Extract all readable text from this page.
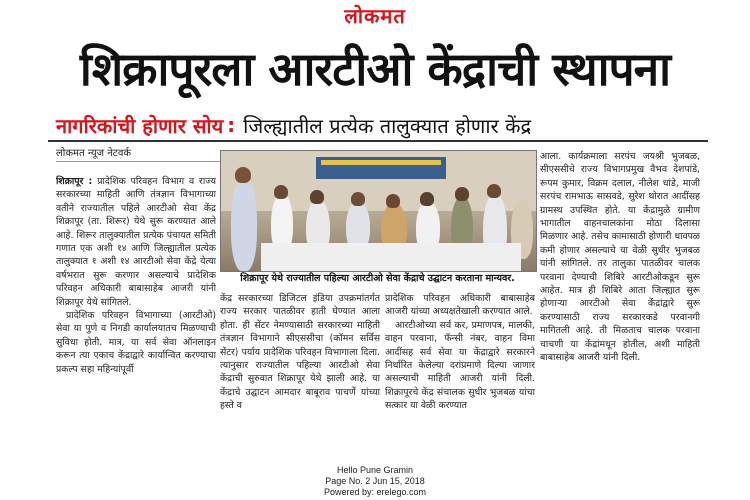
लोकमत
शिक्रापूरला आरटीओ केंद्राची स्थापना
नागरिकांची होणार सोय : जिल्ह्यातील प्रत्येक तालुक्यात होणार केंद्र
लोकमत न्यूज नेटवर्क

शिक्रापूर : प्रादेशिक परिवहन विभाग व राज्य सरकारच्या माहिती आणि तंत्रज्ञान विभागाच्या वतीने राज्यातील पहिले आरटीओ सेवा केंद्र शिक्रापूर (ता. शिरूर) येथे सुरू करण्यात आले आहे. शिरूर तालुक्यातील प्रत्येक पंचायत समिती गणात एक अशी १४ आणि जिल्ह्यातील प्रत्येक तालुक्यात १ अशी १४ आरटीओ सेवा केंद्रे येत्या वर्षभरात सुरू करणार असल्याचे प्रादेशिक परिवहन अधिकारी बाबासाहेब आजरी यांनी शिक्रापूर येथे सांगितले.

प्रादेशिक परिवहन विभागाच्या (आरटीओ) सेवा या पुणे व निगडी कार्यालयातच मिळण्याची सुविधा होती. मात्र, या सर्व सेवा ऑनलाइन करून त्या एकाच केंद्राद्वारे कार्यान्वित करण्याचा प्रकल्प सहा महिन्यांपूर्वी

शिक्रापूर येथे राज्यातील पहिल्या आरटीओ सेवा केंद्राचे उद्घाटन करताना मान्यवर.

केंद्र सरकारच्या डिजिटल इंडिया उपक्रमांतर्गत राज्य सरकार पातळीवर हाती घेण्यात आला होता. ही सेंटर नेमण्यासाठी सरकारच्या माहिती तंत्रज्ञान विभागाने सीएससीचा (कॉमन सर्विस सेंटर) पर्याय प्रादेशिक परिवहन विभागाला दिला. त्यानुसार राज्यातील पहिल्या आरटीओ सेवा केंद्राची सुरुवात शिक्रापूर येथे झाली आहे. या केंद्राचे उद्घाटन आमदार बाबूराव पाचर्णे यांच्या हस्ते व

प्रादेशिक परिवहन अधिकारी बाबासाहेब आजरी यांच्या अध्यक्षतेखाली करण्यात आले.

आरटीओच्या सर्व कर, प्रमाणपत्र, मालकी, वाहन परवाना, फॅन्सी नंबर, वाहन विमा आदींसह सर्व सेवा या केंद्राद्वारे सरकारने निर्धारित केलेल्या दरांप्रमाणे दिल्या जाणार असल्याची माहिती आजरी यांनी दिली. शिक्रापूरचे केंद्र संचालक सुधीर भुजबळ यांचा सत्कार या वेळी करण्यात

आला. कार्यक्रमाला सरपंच जयश्री भुजबळ, सीएससीचे राज्य विभागप्रमुख वैभव देशपांडे, रूपम कुमार, विक्रम दलाल, नीलेश धांडे, माजी सरपंच रामभाऊ सासवडे, सुरेश थोरात आदींसह ग्रामस्थ उपस्थित होते. या केंद्रामुळे ग्रामीण भागातील वाहनचालकांना मोठा दिलासा मिळणार आहे. तसेच कामासाठी होणारी धावपळ कमी होणार असल्याचे या वेळी सुधीर भुजबळ यांनी सांगितले. तर तालुका पातळीवर चालक परवाना देण्याची शिबिरे आरटीओकडून सुरू आहेत. मात्र ही शिबिरे आता जिल्ह्यात सुरू होणाऱ्या आरटीओ सेवा केंद्रांद्वारे सुरू करण्यासाठी राज्य सरकारकडे परवानगी मागितली आहे. ती मिळताच चालक परवाना चाचणी या केंद्रांमधून होतील, अशी माहिती बाबासाहेब आजरी यांनी दिली.

Hello Pune Gramin
Page No. 2 Jun 15, 2018
Powered by: erelego.com
